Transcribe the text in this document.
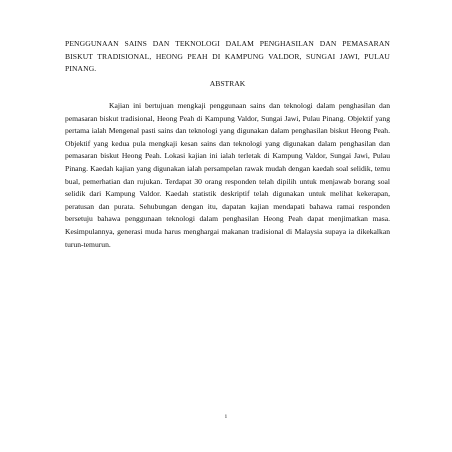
PENGGUNAAN SAINS DAN TEKNOLOGI DALAM PENGHASILAN DAN PEMASARAN BISKUT TRADISIONAL, HEONG PEAH DI KAMPUNG VALDOR, SUNGAI JAWI, PULAU PINANG.

ABSTRAK

Kajian ini bertujuan mengkaji penggunaan sains dan teknologi dalam penghasilan dan pemasaran biskut tradisional, Heong Peah di Kampung Valdor, Sungai Jawi, Pulau Pinang. Objektif yang pertama ialah Mengenal pasti sains dan teknologi yang digunakan dalam penghasilan biskut Heong Peah. Objektif yang kedua pula mengkaji kesan sains dan teknologi yang digunakan dalam penghasilan dan pemasaran biskut Heong Peah. Lokasi kajian ini ialah terletak di Kampung Valdor, Sungai Jawi, Pulau Pinang. Kaedah kajian yang digunakan ialah persampelan rawak mudah dengan kaedah soal selidik, temu bual, pemerhatian dan rujukan. Terdapat 30 orang responden telah dipilih untuk menjawab borang soal selidik dari Kampung Valdor. Kaedah statistik deskriptif telah digunakan untuk melihat kekerapan, peratusan dan purata. Sehubungan dengan itu, dapatan kajian mendapati bahawa ramai responden bersetuju bahawa penggunaan teknologi dalam penghasilan Heong Peah dapat menjimatkan masa. Kesimpulannya, generasi muda harus menghargai makanan tradisional di Malaysia supaya ia dikekalkan turun-temurun.

i
